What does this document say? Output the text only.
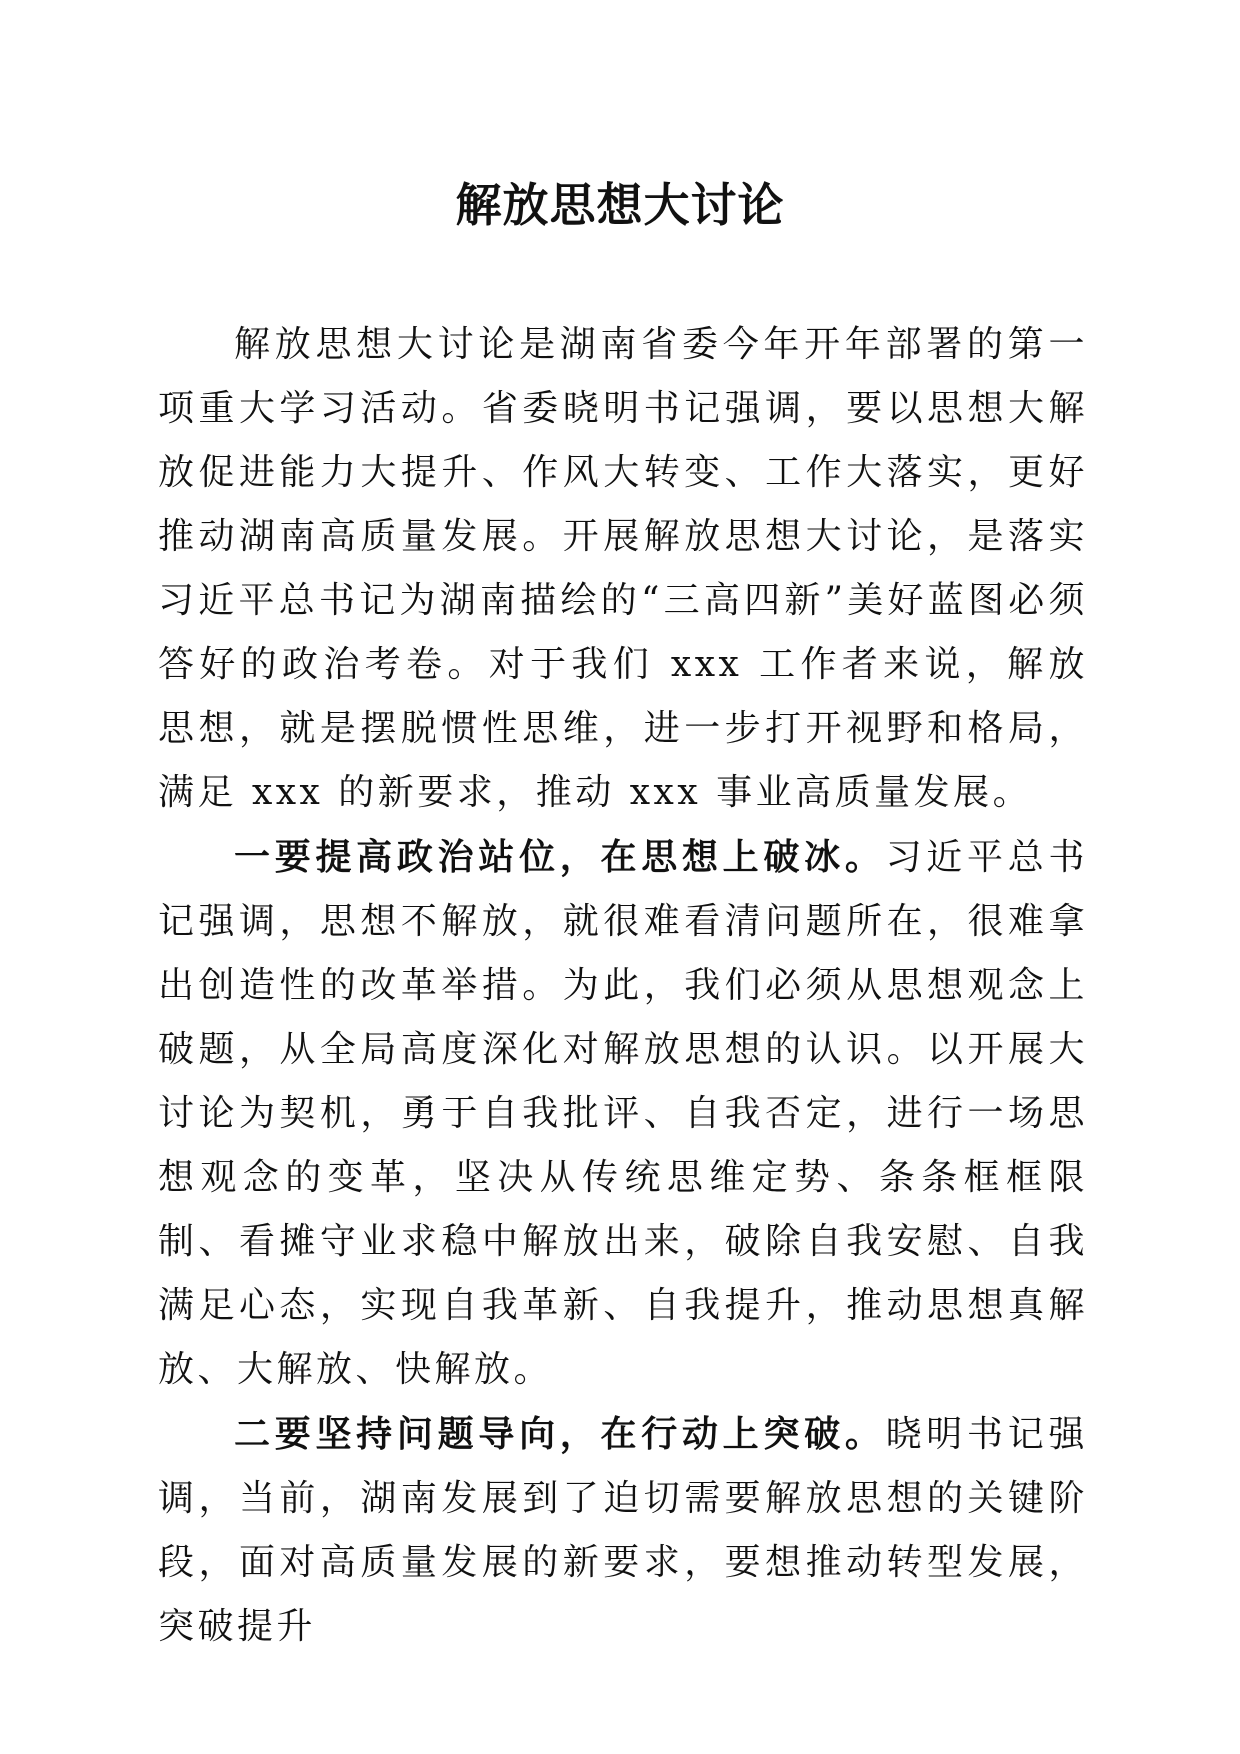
解放思想大讨论

解放思想大讨论是湖南省委今年开年部署的第一项重大学习活动。省委晓明书记强调，要以思想大解放促进能力大提升、作风大转变、工作大落实，更好推动湖南高质量发展。开展解放思想大讨论，是落实习近平总书记为湖南描绘的“三高四新”美好蓝图必须答好的政治考卷。对于我们 xxx 工作者来说，解放思想，就是摆脱惯性思维，进一步打开视野和格局，满足 xxx 的新要求，推动 xxx 事业高质量发展。

一要提高政治站位，在思想上破冰。习近平总书记强调，思想不解放，就很难看清问题所在，很难拿出创造性的改革举措。为此，我们必须从思想观念上破题，从全局高度深化对解放思想的认识。以开展大讨论为契机，勇于自我批评、自我否定，进行一场思想观念的变革，坚决从传统思维定势、条条框框限制、看摊守业求稳中解放出来，破除自我安慰、自我满足心态，实现自我革新、自我提升，推动思想真解放、大解放、快解放。

二要坚持问题导向，在行动上突破。晓明书记强调，当前，湖南发展到了迫切需要解放思想的关键阶段，面对高质量发展的新要求，要想推动转型发展，突破提升
